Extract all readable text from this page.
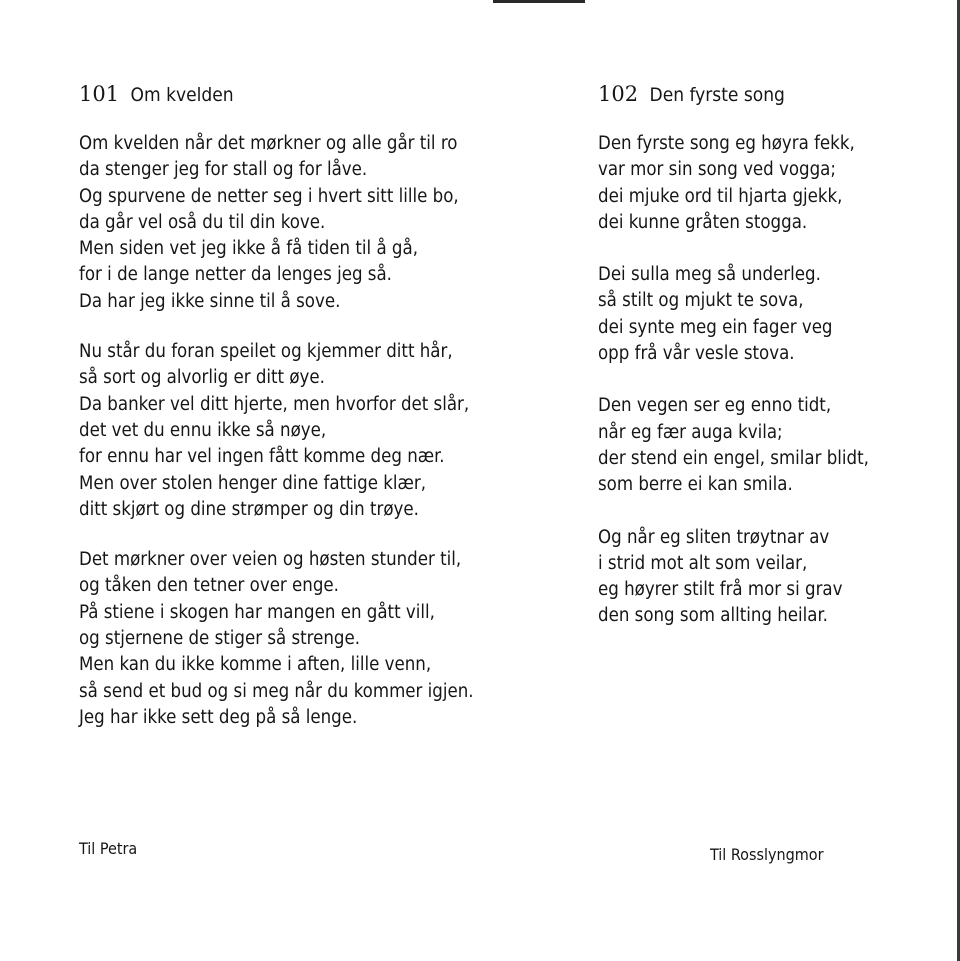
101 Om kvelden

Om kvelden når det mørkner og alle går til ro
da stenger jeg for stall og for låve.
Og spurvene de netter seg i hvert sitt lille bo,
da går vel oså du til din kove.
Men siden vet jeg ikke å få tiden til å gå,
for i de lange netter da lenges jeg så.
Da har jeg ikke sinne til å sove.

Nu står du foran speilet og kjemmer ditt hår,
så sort og alvorlig er ditt øye.
Da banker vel ditt hjerte, men hvorfor det slår,
det vet du ennu ikke så nøye,
for ennu har vel ingen fått komme deg nær.
Men over stolen henger dine fattige klær,
ditt skjørt og dine strømper og din trøye.

Det mørkner over veien og høsten stunder til,
og tåken den tetner over enge.
På stiene i skogen har mangen en gått vill,
og stjernene de stiger så strenge.
Men kan du ikke komme i aften, lille venn,
så send et bud og si meg når du kommer igjen.
Jeg har ikke sett deg på så lenge.

Til Petra
102 Den fyrste song

Den fyrste song eg høyra fekk,
var mor sin song ved vogga;
dei mjuke ord til hjarta gjekk,
dei kunne gråten stogga.

Dei sulla meg så underleg.
så stilt og mjukt te sova,
dei synte meg ein fager veg
opp frå vår vesle stova.

Den vegen ser eg enno tidt,
når eg fær auga kvila;
der stend ein engel, smilar blidt,
som berre ei kan smila.

Og når eg sliten trøytnar av
i strid mot alt som veilar,
eg høyrer stilt frå mor si grav
den song som allting heilar.

Til Rosslyngmor
